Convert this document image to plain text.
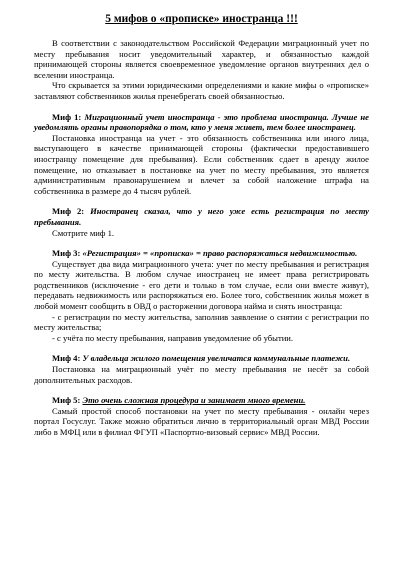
5 мифов о «прописке» иностранца !!!

В соответствии с законодательством Российской Федерации миграционный учет по месту пребывания носит уведомительный характер, и обязанностью каждой принимающей стороны является своевременное уведомление органов внутренних дел о вселении иностранца.

Что скрывается за этими юридическими определениями и какие мифы о «прописке» заставляют собственников жилья пренебрегать своей обязанностью.

Миф 1: Миграционный учет иностранца - это проблема иностранца. Лучше не уведомлять органы правопорядка о том, кто у меня живет, тем более иностранец.

Постановка иностранца на учет - это обязанность собственника или иного лица, выступающего в качестве принимающей стороны (фактически предоставившего иностранцу помещение для пребывания). Если собственник сдает в аренду жилое помещение, но отказывает в постановке на учет по месту пребывания, это является административным правонарушением и влечет за собой наложение штрафа на собственника в размере до 4 тысяч рублей.

Миф 2: Иностранец сказал, что у него уже есть регистрация по месту пребывания.

Смотрите миф 1.

Миф 3: «Регистрация» = «прописка» = право распоряжаться недвижимостью.

Существует два вида миграционного учета: учет по месту пребывания и регистрация по месту жительства. В любом случае иностранец не имеет права регистрировать родственников (исключение - его дети и только в том случае, если они вместе живут), передавать недвижимость или распоряжаться ею. Более того, собственник жилья может в любой момент сообщить в ОВД о расторжении договора найма и снять иностранца:

- с регистрации по месту жительства, заполнив заявление о снятии с регистрации по месту жительства;

- с учёта по месту пребывания, направив уведомление об убытии.

Миф 4: У владельца жилого помещения увеличатся коммунальные платежи.

Постановка на миграционный учёт по месту пребывания не несёт за собой дополнительных расходов.

Миф 5: Это очень сложная процедура и занимает много времени.

Самый простой способ постановки на учет по месту пребывания - онлайн через портал Госуслуг. Также можно обратиться лично в территориальный орган МВД России либо в МФЦ или в филиал ФГУП «Паспортно-визовый сервис» МВД России.
